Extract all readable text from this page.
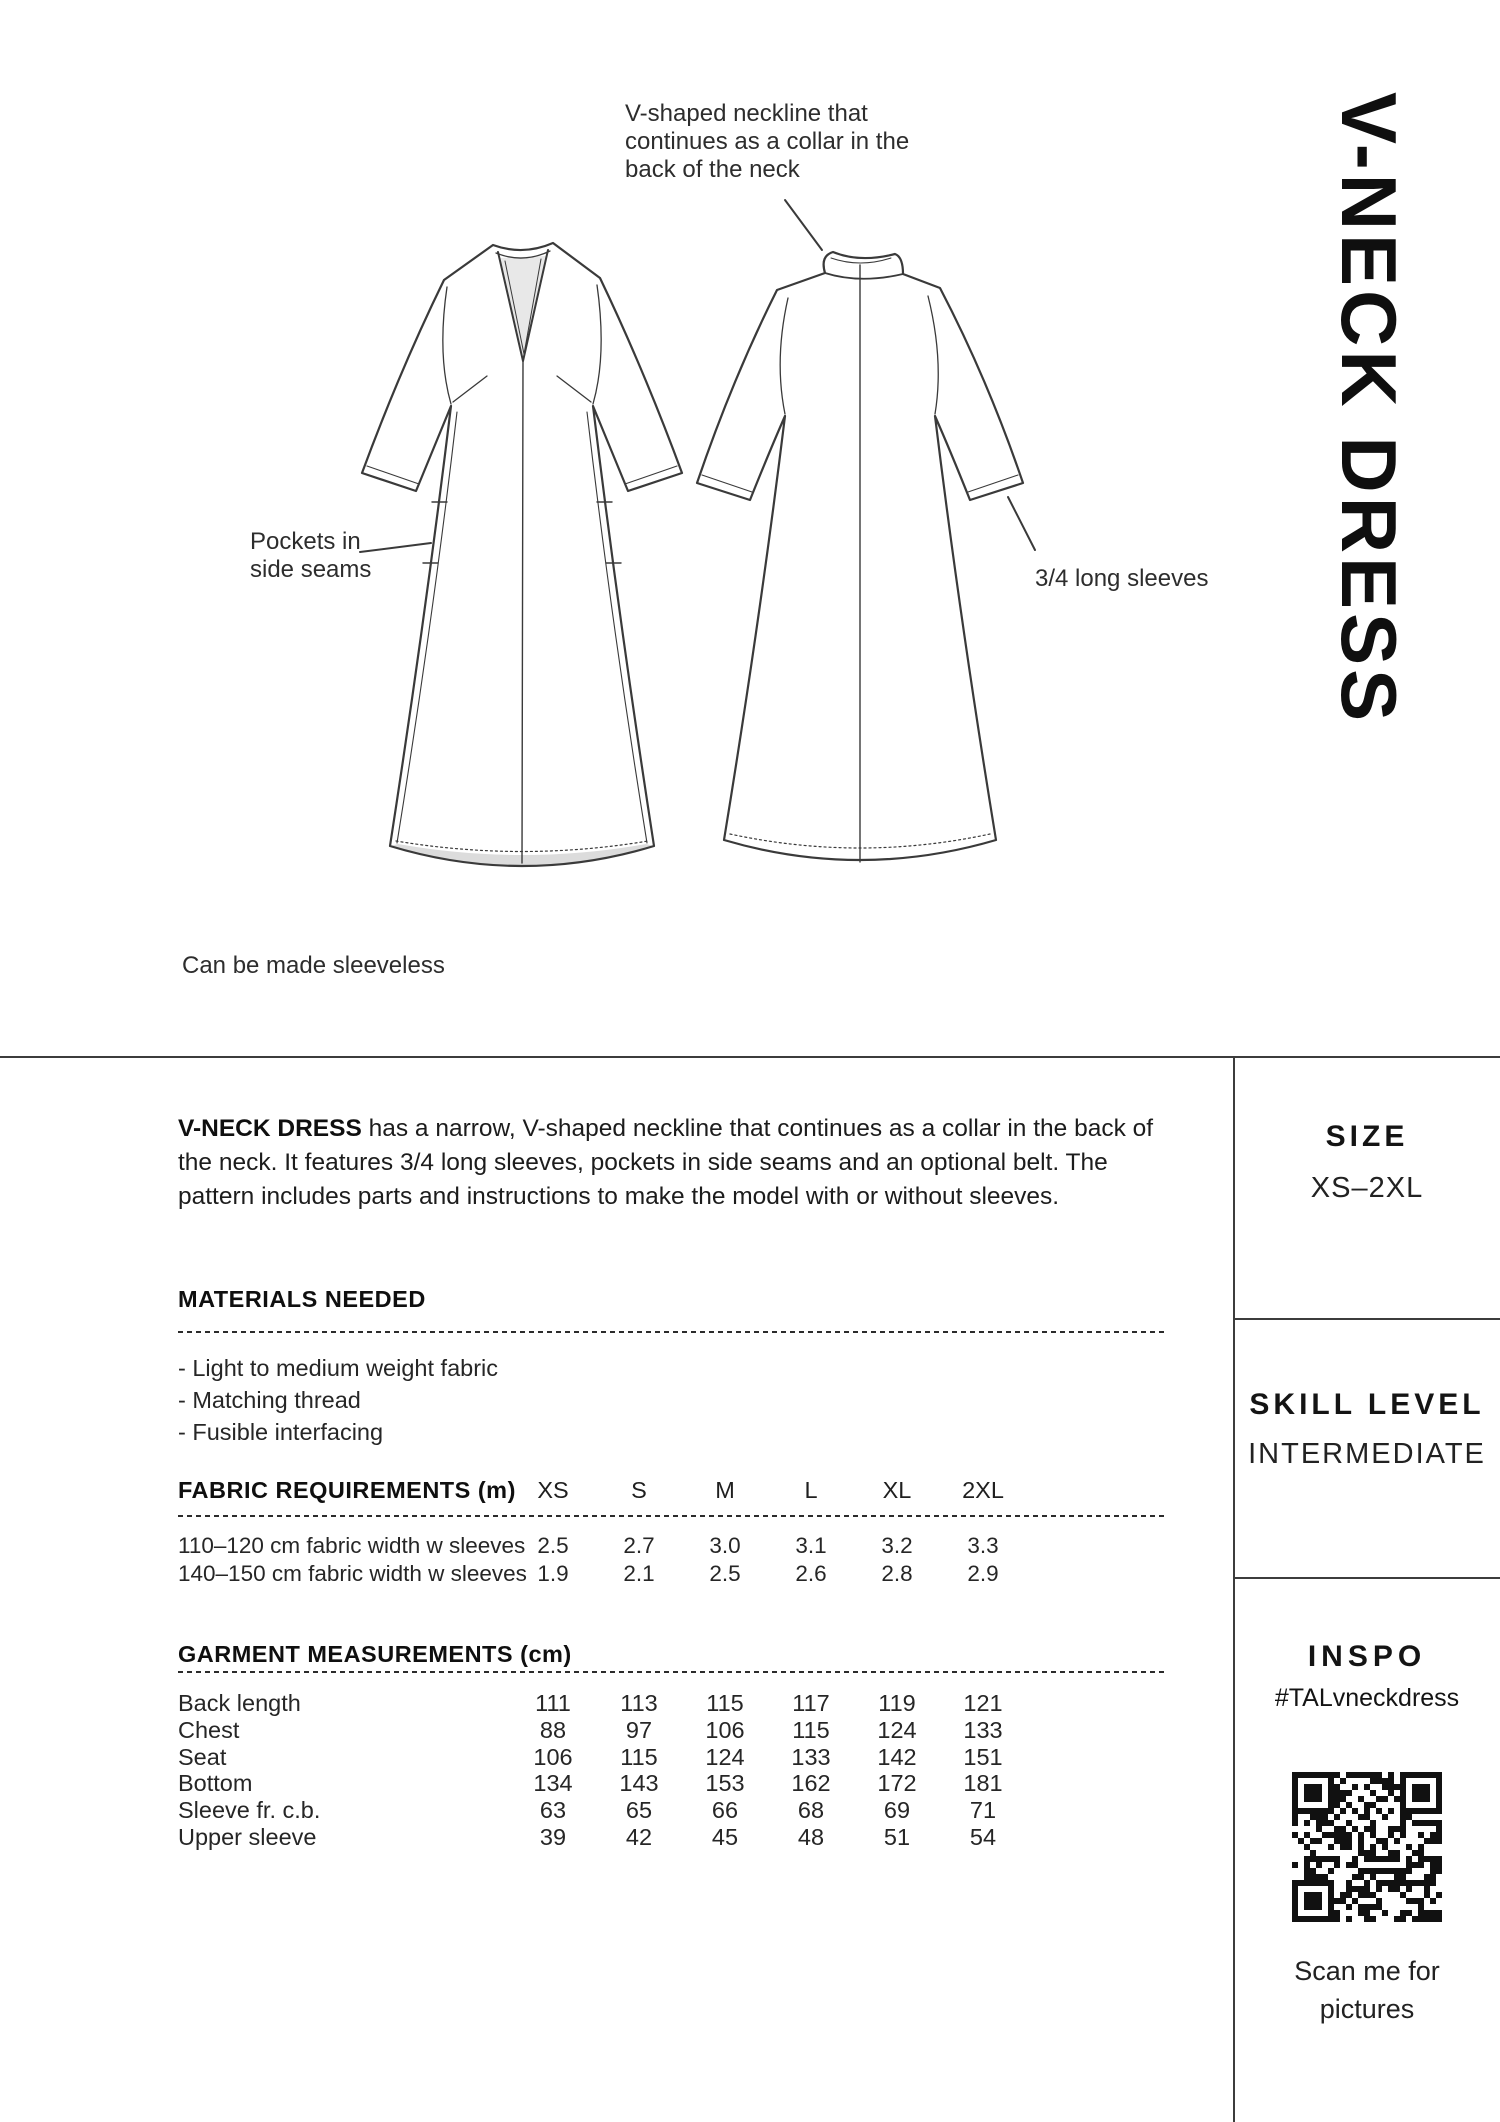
V-shaped neckline that continues as a collar in the back of the neck
Pockets in side seams	3/4 long sleeves
Can be made sleeveless
V-NECK DRESS
V-NECK DRESS has a narrow, V-shaped neckline that continues as a collar in the back of the neck. It features 3/4 long sleeves, pockets in side seams and an optional belt. The pattern includes parts and instructions to make the model with or without sleeves.
MATERIALS NEEDED
- Light to medium weight fabric
- Matching thread
- Fusible interfacing
FABRIC REQUIREMENTS (m) XS	S	M	L	XL	2XL
110–120 cm fabric width w sleeves 2.5	2.7	3.0	3.1	3.2	3.3
140–150 cm fabric width w sleeves 1.9	2.1	2.5	2.6	2.8	2.9
GARMENT MEASUREMENTS (cm)
Back length	111	113	115	117	119	121
Chest	88	97	106	115	124	133
Seat	106	115	124	133	142	151
Bottom	134	143	153	162	172	181
Sleeve fr. c.b.	63	65	66	68	69	71
Upper sleeve	39	42	45	48	51	54
SIZE
XS–2XL
SKILL LEVEL
INTERMEDIATE
INSPO
#TALvneckdress
Scan me for pictures
